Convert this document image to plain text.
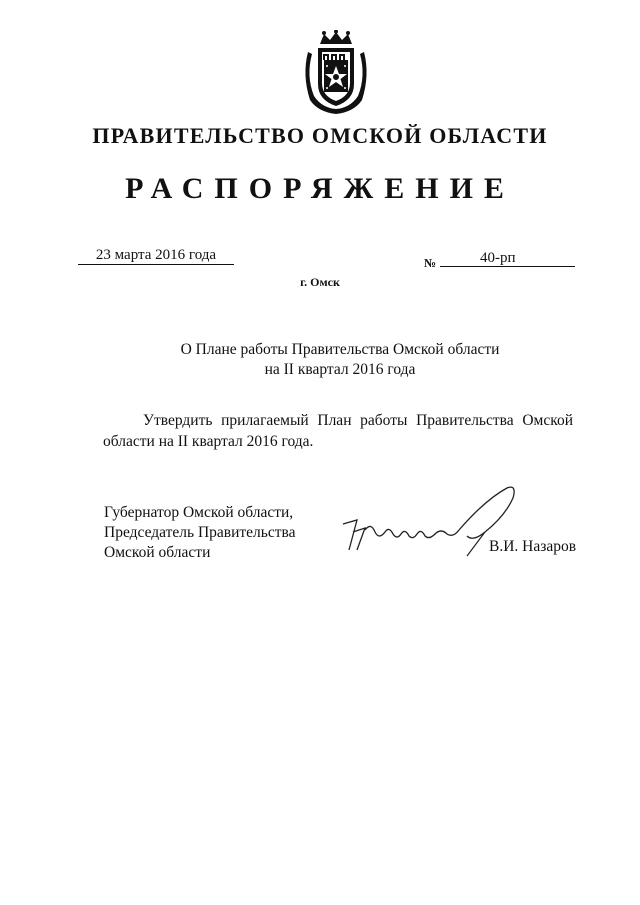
ПРАВИТЕЛЬСТВО ОМСКОЙ ОБЛАСТИ
РАСПОРЯЖЕНИЕ
23 марта 2016 года	№	40-рп
г. Омск
О Плане работы Правительства Омской области
на II квартал 2016 года
Утвердить прилагаемый План работы Правительства Омской области на II квартал 2016 года.
Губернатор Омской области,
Председатель Правительства
Омской области	В.И. Назаров
